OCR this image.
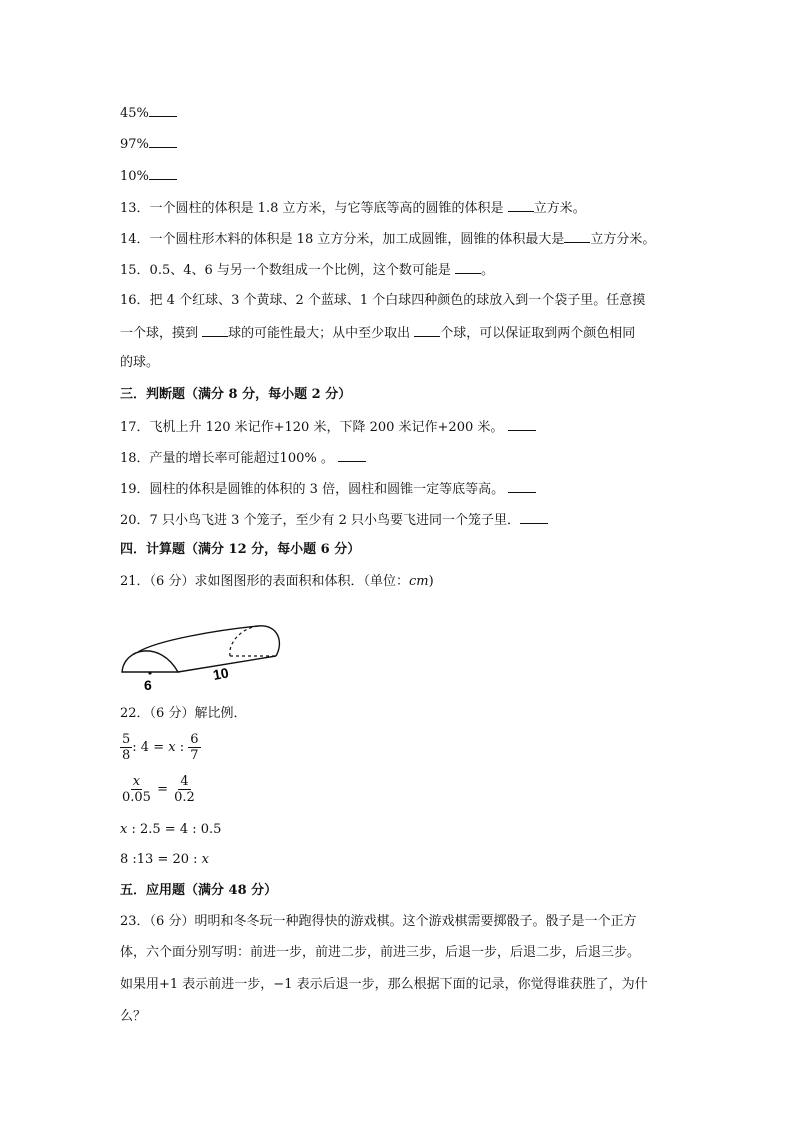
45%
97%
10%
13．一个圆柱的体积是 1.8 立方米，与它等底等高的圆锥的体积是 立方米。
14．一个圆柱形木料的体积是 18 立方分米，加工成圆锥，圆锥的体积最大是 立方分米。
15．0.5、4、6 与另一个数组成一个比例，这个数可能是 。
16．把 4 个红球、3 个黄球、2 个蓝球、1 个白球四种颜色的球放入到一个袋子里。任意摸
一个球，摸到 球的可能性最大；从中至少取出 个球，可以保证取到两个颜色相同
的球。
三．判断题（满分 8 分，每小题 2 分）
17．飞机上升 120 米记作+120 米，下降 200 米记作+200 米。
18．产量的增长率可能超过100% 。
19．圆柱的体积是圆锥的体积的 3 倍，圆柱和圆锥一定等底等高。
20．7 只小鸟飞进 3 个笼子，至少有 2 只小鸟要飞进同一个笼子里．
四．计算题（满分 12 分，每小题 6 分）
21．（6 分）求如图图形的表面积和体积．（单位：cm)
10
6
22．（6 分）解比例．
$\frac{5}{8}$ : 4 = x : $\frac{6}{7}$
$\frac{x}{0.05} = \frac{4}{0.2}$
x : 2.5 = 4 : 0.5
8 :13 = 20 : x
五．应用题（满分 48 分）
23．（6 分）明明和冬冬玩一种跑得快的游戏棋。这个游戏棋需要掷骰子。骰子是一个正方
体，六个面分别写明：前进一步，前进二步，前进三步，后退一步，后退二步，后退三步。
如果用+1 表示前进一步，−1 表示后退一步，那么根据下面的记录，你觉得谁获胜了，为什
么？
